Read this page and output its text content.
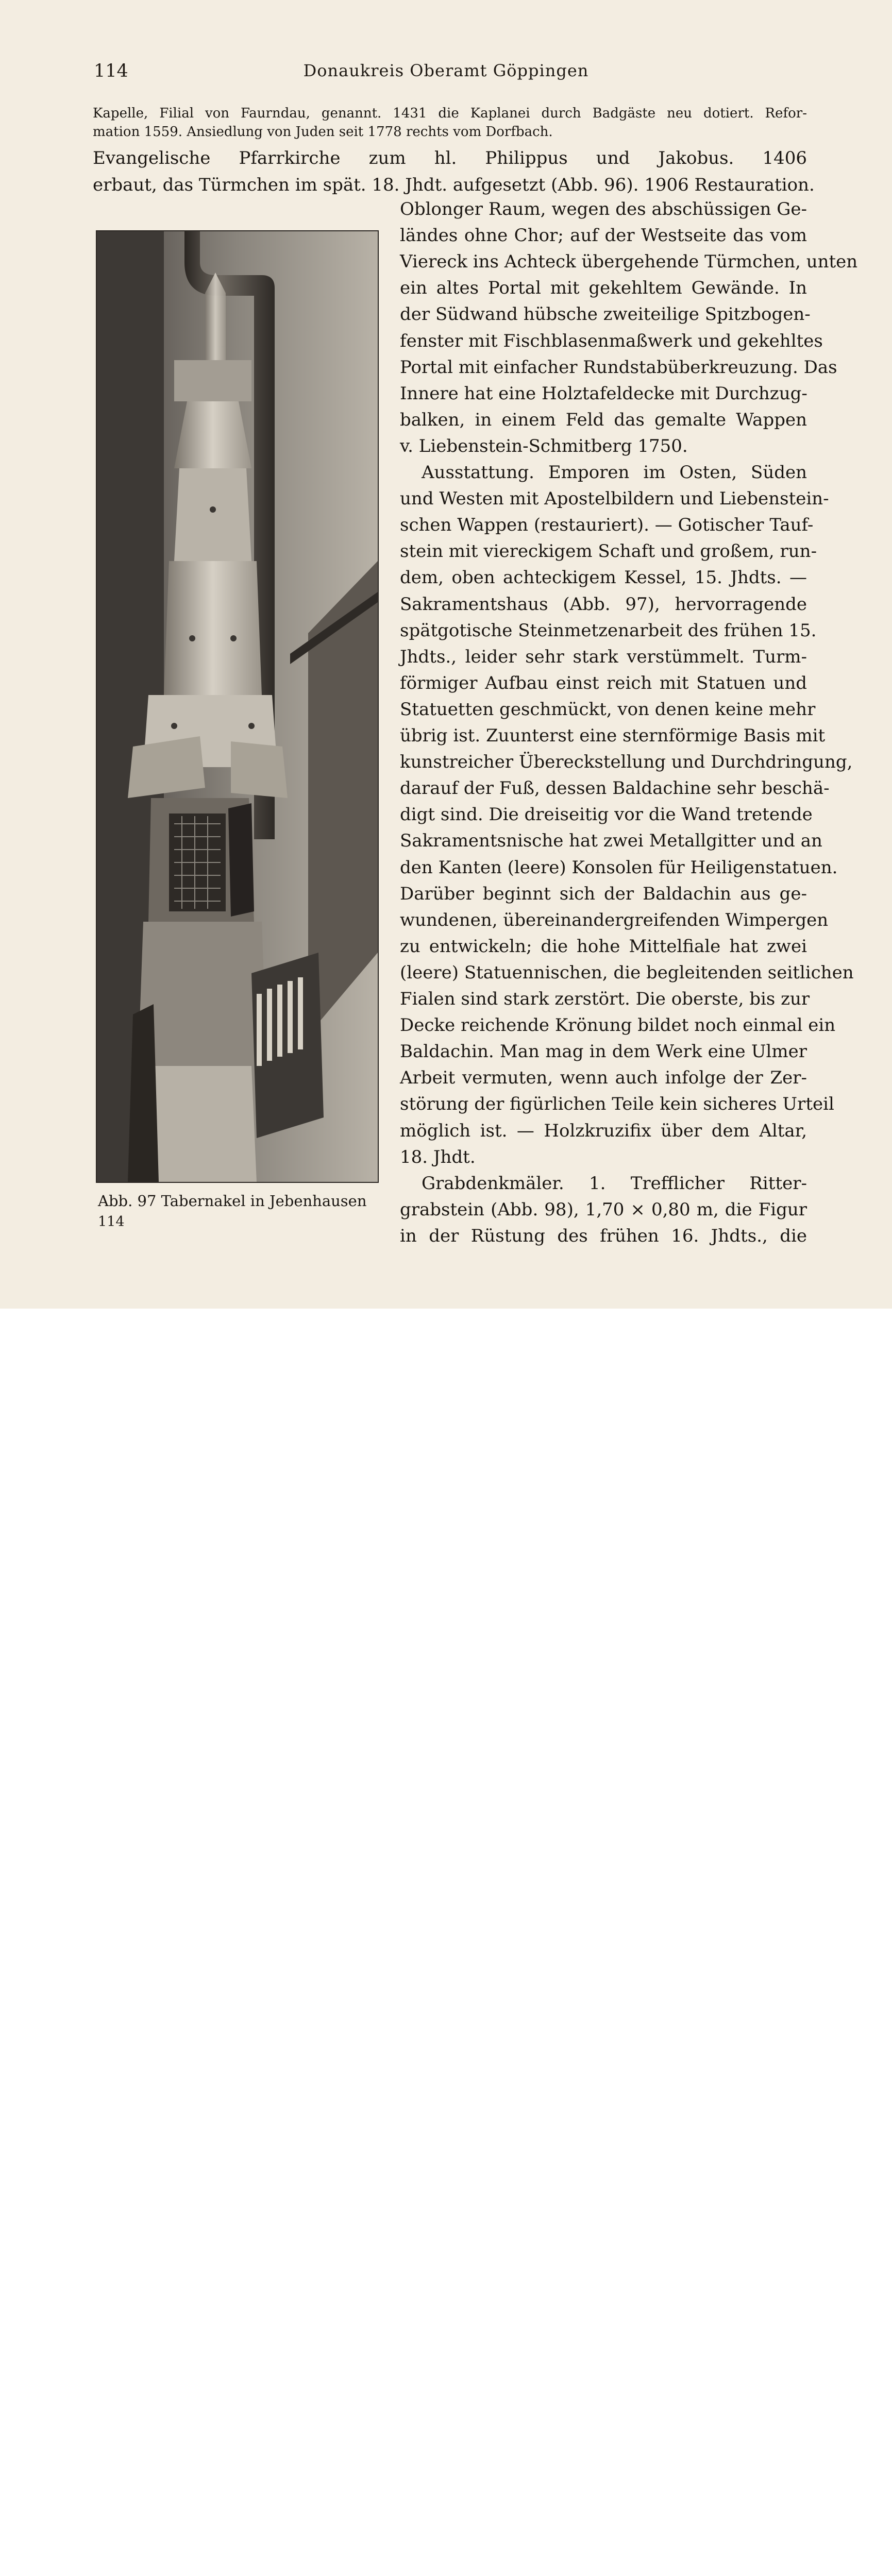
114	Donaukreis Oberamt Göppingen
Kapelle, Filial von Faurndau, genannt. 1431 die Kaplanei durch Badgäste neu dotiert. Refor-
mation 1559. Ansiedlung von Juden seit 1778 rechts vom Dorfbach.
Evangelische Pfarrkirche zum hl. Philippus und Jakobus. 1406
erbaut, das Türmchen im spät. 18. Jhdt. aufgesetzt (Abb. 96). 1906 Restauration.
Oblonger Raum, wegen des abschüssigen Ge-
ländes ohne Chor; auf der Westseite das vom
Viereck ins Achteck übergehende Türmchen, unten
ein altes Portal mit gekehltem Gewände. In
der Südwand hübsche zweiteilige Spitzbogen-
fenster mit Fischblasenmaßwerk und gekehltes
Portal mit einfacher Rundstabüberkreuzung. Das
Innere hat eine Holztafeldecke mit Durchzug-
balken, in einem Feld das gemalte Wappen
v. Liebenstein-Schmitberg 1750.
Ausstattung. Emporen im Osten, Süden
und Westen mit Apostelbildern und Liebenstein-
schen Wappen (restauriert). — Gotischer Tauf-
stein mit viereckigem Schaft und großem, run-
dem, oben achteckigem Kessel, 15. Jhdts. —
Sakramentshaus (Abb. 97), hervorragende
spätgotische Steinmetzenarbeit des frühen 15.
Jhdts., leider sehr stark verstümmelt. Turm-
förmiger Aufbau einst reich mit Statuen und
Statuetten geschmückt, von denen keine mehr
übrig ist. Zuunterst eine sternförmige Basis mit
kunstreicher Übereckstellung und Durchdringung,
darauf der Fuß, dessen Baldachine sehr beschä-
digt sind. Die dreiseitig vor die Wand tretende
Sakramentsnische hat zwei Metallgitter und an
den Kanten (leere) Konsolen für Heiligenstatuen.
Darüber beginnt sich der Baldachin aus ge-
wundenen, übereinandergreifenden Wimpergen
zu entwickeln; die hohe Mittelfiale hat zwei
(leere) Statuennischen, die begleitenden seitlichen
Fialen sind stark zerstört. Die oberste, bis zur
Decke reichende Krönung bildet noch einmal ein
Baldachin. Man mag in dem Werk eine Ulmer
Arbeit vermuten, wenn auch infolge der Zer-
störung der figürlichen Teile kein sicheres Urteil
möglich ist. — Holzkruzifix über dem Altar,
18. Jhdt.
Grabdenkmäler. 1. Trefflicher Ritter-
grabstein (Abb. 98), 1,70 × 0,80 m, die Figur
in der Rüstung des frühen 16. Jhdts., die
Abb. 97 Tabernakel in Jebenhausen
114
